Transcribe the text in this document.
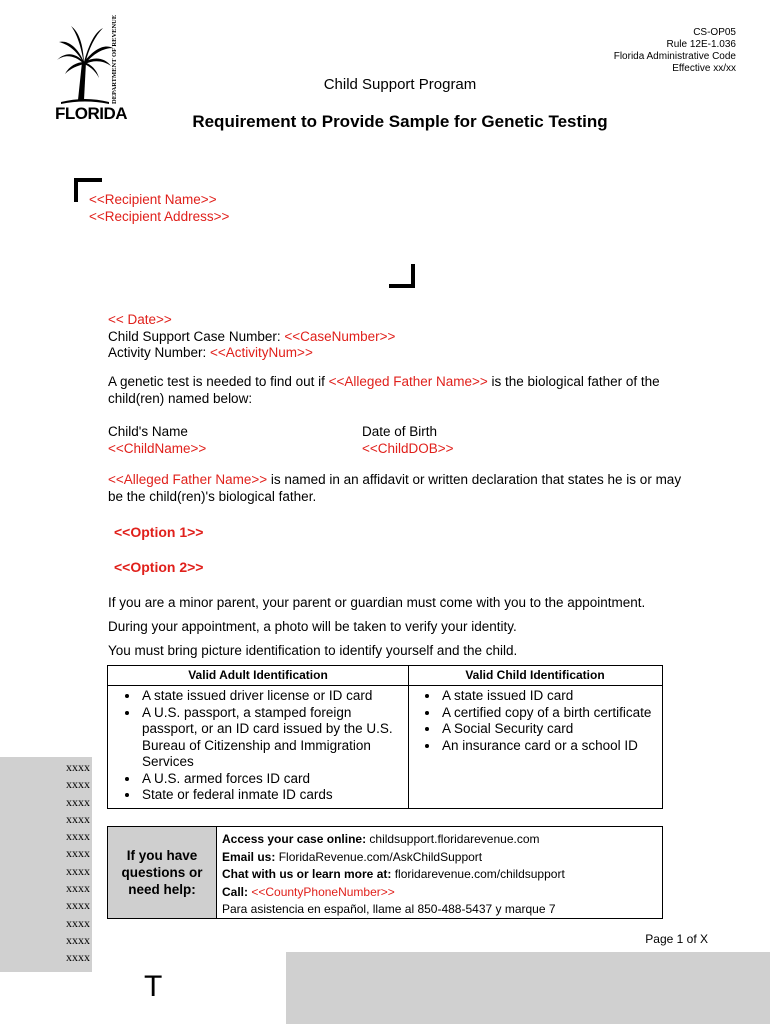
FLORIDA
DEPARTMENT OF REVENUE	CS-OP05
Rule 12E-1.036
Florida Administrative Code
Effective xx/xx
Child Support Program
Requirement to Provide Sample for Genetic Testing
<<Recipient Name>>
<<Recipient Address>>
<< Date>>
Child Support Case Number: <<CaseNumber>>
Activity Number: <<ActivityNum>>
A genetic test is needed to find out if <<Alleged Father Name>> is the biological father of the child(ren) named below:
Child's Name
<<ChildName>>
Date of Birth
<<ChildDOB>>
<<Alleged Father Name>> is named in an affidavit or written declaration that states he is or may be the child(ren)'s biological father.
<<Option 1>>
<<Option 2>>
If you are a minor parent, your parent or guardian must come with you to the appointment.
During your appointment, a photo will be taken to verify your identity.
You must bring picture identification to identify yourself and the child.
Valid Adult Identification
• A state issued driver license or ID card
• A U.S. passport, a stamped foreign passport, or an ID card issued by the U.S. Bureau of Citizenship and Immigration Services
• A U.S. armed forces ID card
• State or federal inmate ID cards
Valid Child Identification
• A state issued ID card
• A certified copy of a birth certificate
• A Social Security card
• An insurance card or a school ID
If you have questions or need help:
Access your case online: childsupport.floridarevenue.com
Email us: FloridaRevenue.com/AskChildSupport
Chat with us or learn more at: floridarevenue.com/childsupport
Call: <<CountyPhoneNumber>>
Para asistencia en español, llame al 850-488-5437 y marque 7
Page 1 of X
xxxx
xxxx
xxxx
xxxx
xxxx
xxxx
xxxx
xxxx
xxxx
xxxx
xxxx
xxxx
T
